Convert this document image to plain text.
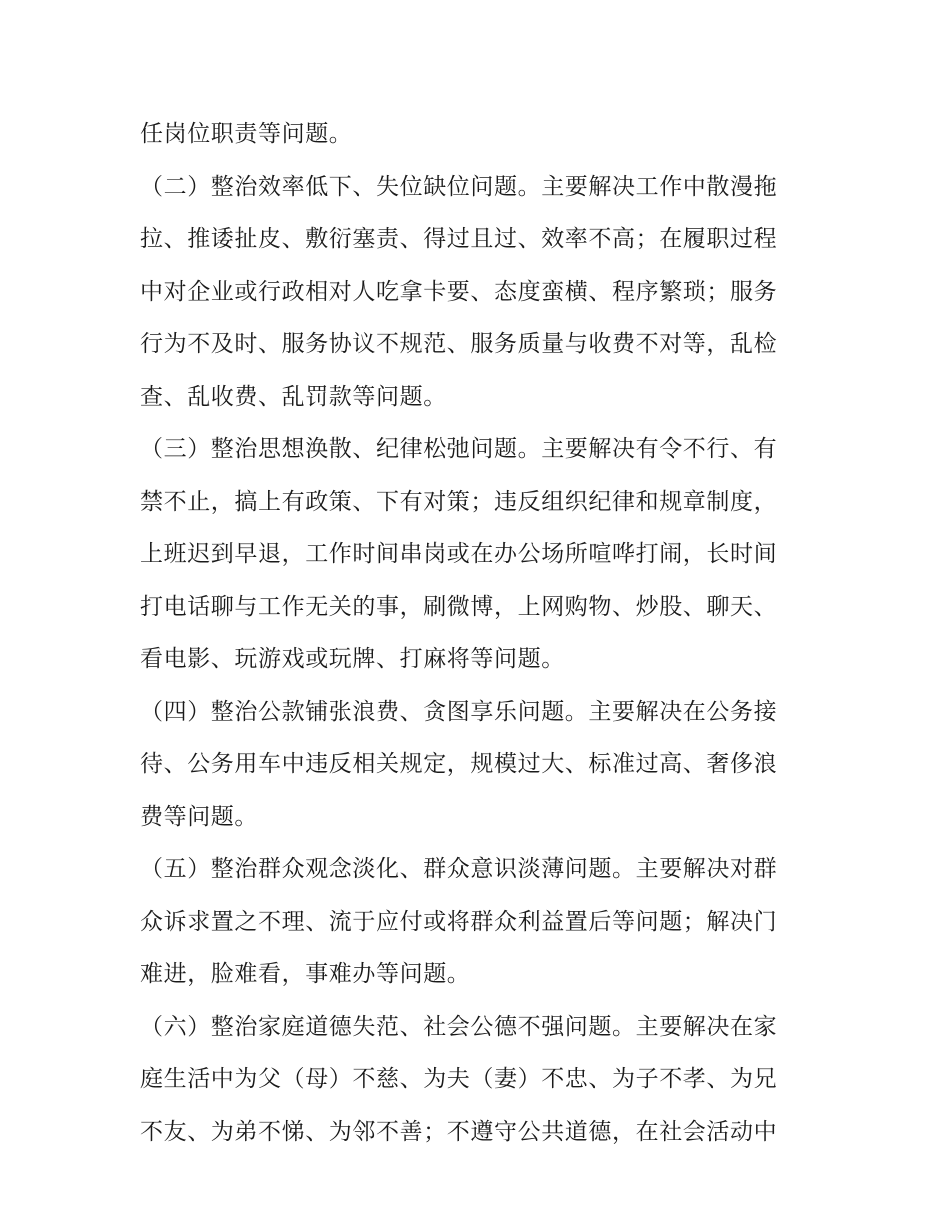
任岗位职责等问题。
（二）整治效率低下、失位缺位问题。主要解决工作中散漫拖
拉、推诿扯皮、敷衍塞责、得过且过、效率不高；在履职过程
中对企业或行政相对人吃拿卡要、态度蛮横、程序繁琐；服务
行为不及时、服务协议不规范、服务质量与收费不对等，乱检
查、乱收费、乱罚款等问题。
（三）整治思想涣散、纪律松弛问题。主要解决有令不行、有
禁不止，搞上有政策、下有对策；违反组织纪律和规章制度，
上班迟到早退，工作时间串岗或在办公场所喧哗打闹，长时间
打电话聊与工作无关的事，刷微博，上网购物、炒股、聊天、
看电影、玩游戏或玩牌、打麻将等问题。
（四）整治公款铺张浪费、贪图享乐问题。主要解决在公务接
待、公务用车中违反相关规定，规模过大、标准过高、奢侈浪
费等问题。
（五）整治群众观念淡化、群众意识淡薄问题。主要解决对群
众诉求置之不理、流于应付或将群众利益置后等问题；解决门
难进，脸难看，事难办等问题。
（六）整治家庭道德失范、社会公德不强问题。主要解决在家
庭生活中为父（母）不慈、为夫（妻）不忠、为子不孝、为兄
不友、为弟不悌、为邻不善；不遵守公共道德，在社会活动中
